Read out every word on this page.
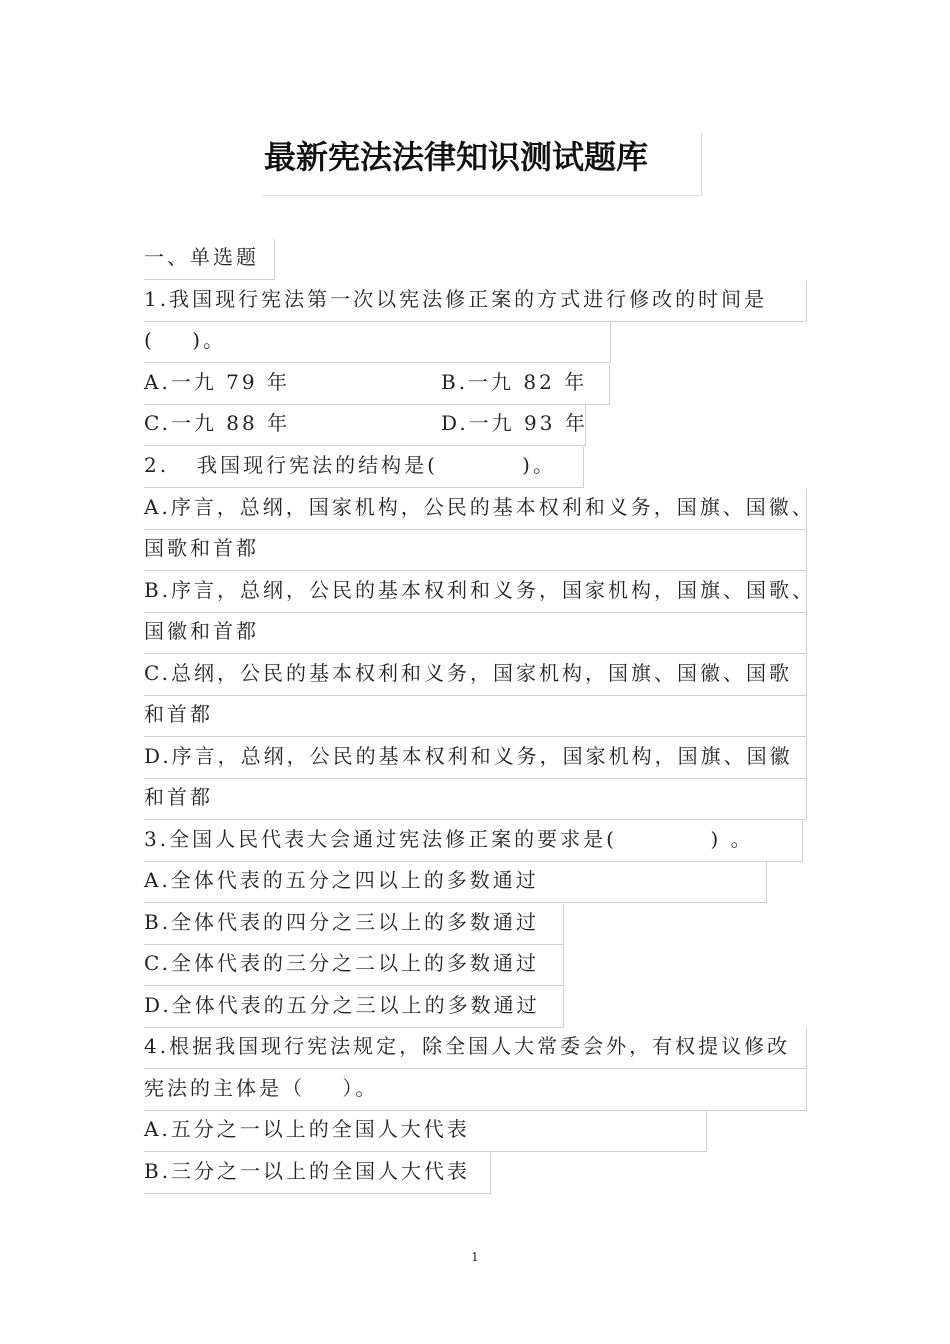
最新宪法法律知识测试题库
一、单选题
1.我国现行宪法第一次以宪法修正案的方式进行修改的时间是
(    )。
A.一九 79 年	B.一九 82 年
C.一九 88 年	D.一九 93 年
2.   我国现行宪法的结构是(         )。
A.序言，总纲，国家机构，公民的基本权利和义务，国旗、国徽、
国歌和首都
B.序言，总纲，公民的基本权利和义务，国家机构，国旗、国歌、
国徽和首都
C.总纲，公民的基本权利和义务，国家机构，国旗、国徽、国歌
和首都
D.序言，总纲，公民的基本权利和义务，国家机构，国旗、国徽
和首都
3.全国人民代表大会通过宪法修正案的要求是(          ) 。
A.全体代表的五分之四以上的多数通过
B.全体代表的四分之三以上的多数通过
C.全体代表的三分之二以上的多数通过
D.全体代表的五分之三以上的多数通过
4.根据我国现行宪法规定，除全国人大常委会外，有权提议修改
宪法的主体是（    ）。
A.五分之一以上的全国人大代表
B.三分之一以上的全国人大代表
1
